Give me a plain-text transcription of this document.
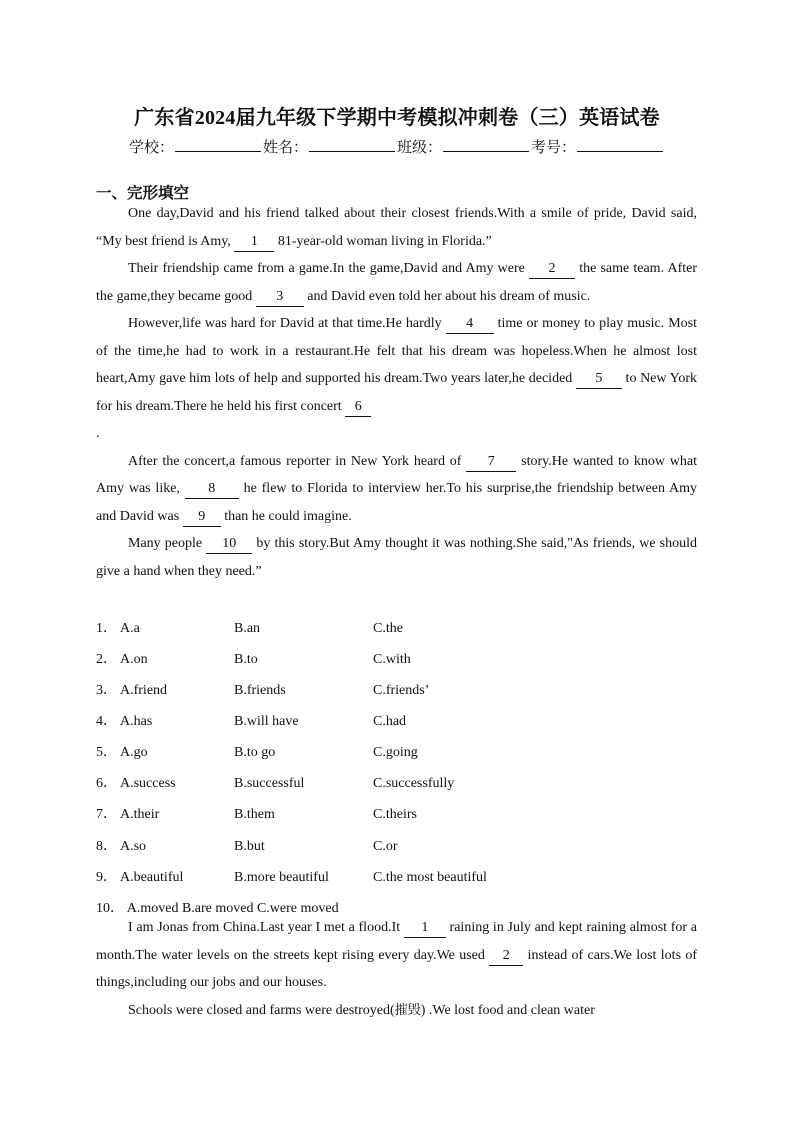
广东省2024届九年级下学期中考模拟冲刺卷（三）英语试卷
学校：	姓名：	班级：	考号：
一、完形填空

One day,David and his friend talked about their closest friends.With a smile of pride, David said, “My best friend is Amy, 1 81-year-old woman living in Florida.”

Their friendship came from a game.In the game,David and Amy were 2 the same team. After the game,they became good 3 and David even told her about his dream of music.

However,life was hard for David at that time.He hardly 4 time or money to play music. Most of the time,he had to work in a restaurant.He felt that his dream was hopeless.When he almost lost heart,Amy gave him lots of help and supported his dream.Two years later,he decided 5 to New York for his dream.There he held his first concert 6
.

After the concert,a famous reporter in New York heard of 7 story.He wanted to know what Amy was like, 8 he flew to Florida to interview her.To his surprise,the friendship between Amy and David was 9 than he could imagine.

Many people 10 by this story.But Amy thought it was nothing.She said,"As friends, we should give a hand when they need.”

1． A.a	B.an	C.the
2． A.on	B.to	C.with
3． A.friend	B.friends	C.friends’
4． A.has	B.will have	C.had
5． A.go	B.to go	C.going
6． A.success	B.successful	C.successfully
7． A.their	B.them	C.theirs
8． A.so	B.but	C.or
9． A.beautiful	B.more beautiful	C.the most beautiful
10． A.moved B.are moved C.were moved

I am Jonas from China.Last year I met a flood.It 1 raining in July and kept raining almost for a month.The water levels on the streets kept rising every day.We used 2 instead of cars.We lost lots of things,including our jobs and our houses.

Schools were closed and farms were destroyed(摧毁) .We lost food and clean water
